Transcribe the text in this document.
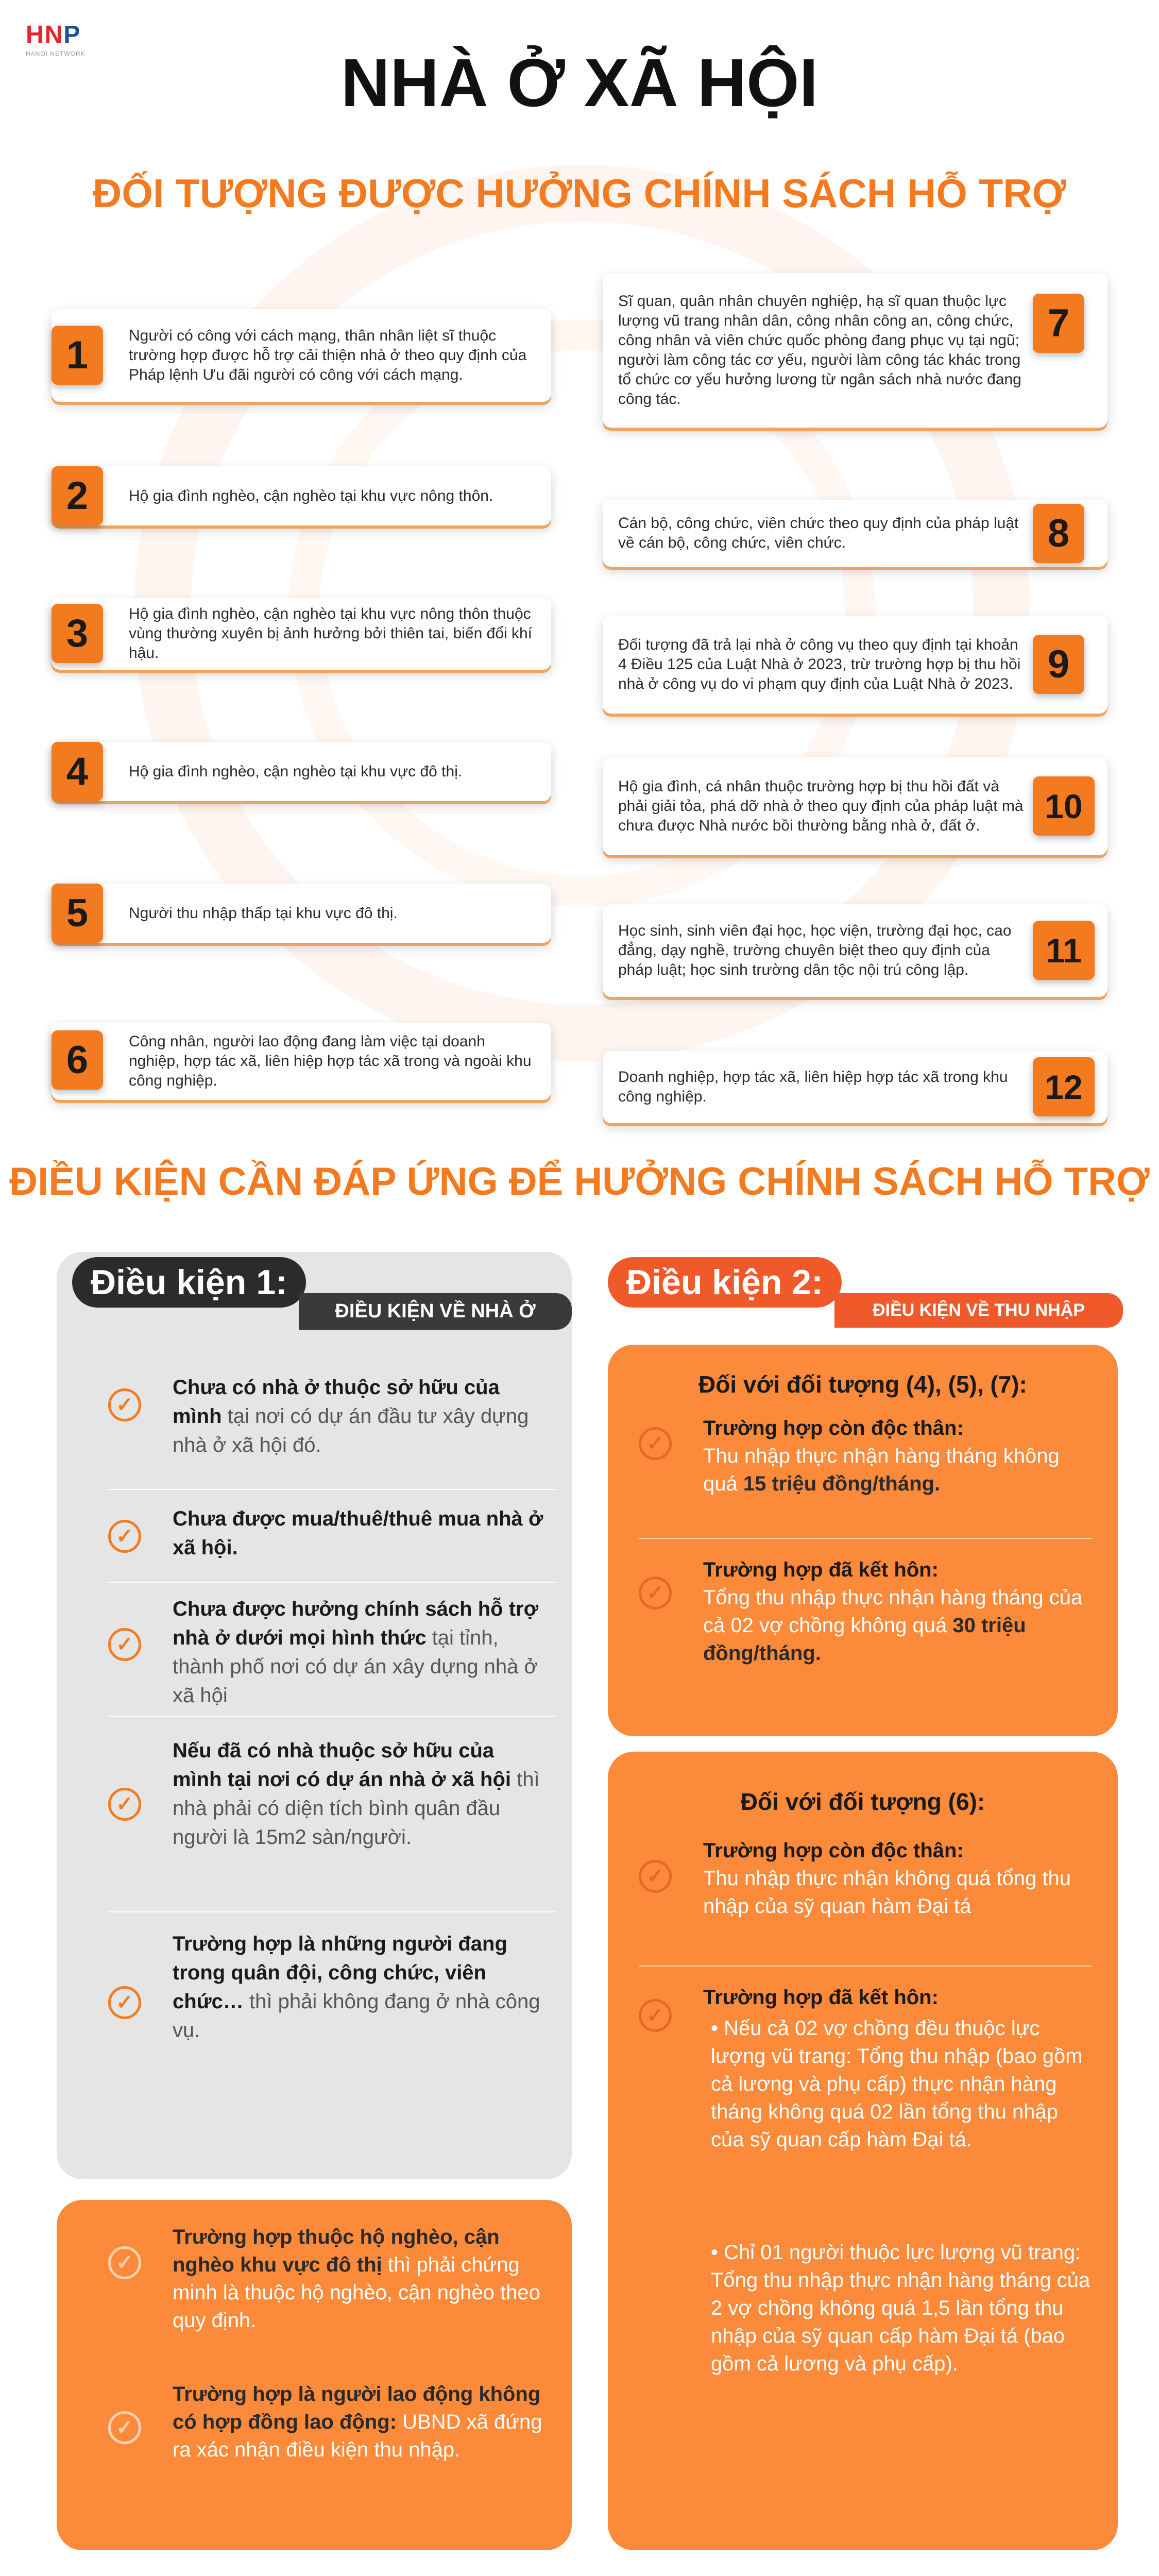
HNP
HANOI NETWORK	NHÀ Ở XÃ HỘI
ĐỐI TƯỢNG ĐƯỢC HƯỞNG CHÍNH SÁCH HỖ TRỢ
Người có công với cách mạng, thân nhân liệt sĩ thuộc trường hợp được hỗ trợ cải thiện nhà ở theo quy định của Pháp lệnh Ưu đãi người có công với cách mạng.
1
Hộ gia đình nghèo, cận nghèo tại khu vực nông thôn.
2
Hộ gia đình nghèo, cận nghèo tại khu vực nông thôn thuộc vùng thường xuyên bị ảnh hưởng bởi thiên tai, biến đổi khí hậu.
3
Hộ gia đình nghèo, cận nghèo tại khu vực đô thị.
4
Người thu nhập thấp tại khu vực đô thị.
5
Công nhân, người lao động đang làm việc tại doanh nghiệp, hợp tác xã, liên hiệp hợp tác xã trong và ngoài khu công nghiệp.
6
Sĩ quan, quân nhân chuyên nghiệp, hạ sĩ quan thuộc lực lượng vũ trang nhân dân, công nhân công an, công chức, công nhân và viên chức quốc phòng đang phục vụ tại ngũ; người làm công tác cơ yếu, người làm công tác khác trong tổ chức cơ yếu hưởng lương từ ngân sách nhà nước đang công tác.
7
Cán bộ, công chức, viên chức theo quy định của pháp luật về cán bộ, công chức, viên chức.	8
Đối tượng đã trả lại nhà ở công vụ theo quy định tại khoản 4 Điều 125 của Luật Nhà ở 2023, trừ trường hợp bị thu hồi nhà ở công vụ do vi phạm quy định của Luật Nhà ở 2023. 9
Hộ gia đình, cá nhân thuộc trường hợp bị thu hồi đất và phải giải tỏa, phá dỡ nhà ở theo quy định của pháp luật mà chưa được Nhà nước bồi thường bằng nhà ở, đất ở.
10
Học sinh, sinh viên đại học, học viện, trường đại học, cao đẳng, dạy nghề, trường chuyên biệt theo quy định của pháp luật; học sinh trường dân tộc nội trú công lập.
11
Doanh nghiệp, hợp tác xã, liên hiệp hợp tác xã trong khu công nghiệp.	12
ĐIỀU KIỆN CẦN ĐÁP ỨNG ĐỂ HƯỞNG CHÍNH SÁCH HỖ TRỢ
Điều kiện 1:
ĐIỀU KIỆN VỀ NHÀ Ở
✓
Chưa có nhà ở thuộc sở hữu của mình tại nơi có dự án đầu tư xây dựng nhà ở xã hội đó.
✓
Chưa được mua/thuê/thuê mua nhà ở xã hội.
✓
Chưa được hưởng chính sách hỗ trợ nhà ở dưới mọi hình thức tại tỉnh, thành phố nơi có dự án xây dựng nhà ở xã hội
✓
Nếu đã có nhà thuộc sở hữu của mình tại nơi có dự án nhà ở xã hội thì nhà phải có diện tích bình quân đầu người là 15m2 sàn/người.
✓
Trường hợp là những người đang trong quân đội, công chức, viên chức… thì phải không đang ở nhà công vụ.
✓
Trường hợp thuộc hộ nghèo, cận nghèo khu vực đô thị thì phải chứng minh là thuộc hộ nghèo, cận nghèo theo quy định.
✓
Trường hợp là người lao động không có hợp đồng lao động: UBND xã đứng ra xác nhận điều kiện thu nhập.
Điều kiện 2:
ĐIỀU KIỆN VỀ THU NHẬP
Đối với đối tượng (4), (5), (7):
✓
Trường hợp còn độc thân:
Thu nhập thực nhận hàng tháng không quá 15 triệu đồng/tháng.
✓
Trường hợp đã kết hôn:
Tổng thu nhập thực nhận hàng tháng của cả 02 vợ chồng không quá 30 triệu đồng/tháng.
Đối với đối tượng (6):
✓
Trường hợp còn độc thân:
Thu nhập thực nhận không quá tổng thu nhập của sỹ quan hàm Đại tá
✓
Trường hợp đã kết hôn:
• Nếu cả 02 vợ chồng đều thuộc lực lượng vũ trang: Tổng thu nhập (bao gồm cả lương và phụ cấp) thực nhận hàng tháng không quá 02 lần tổng thu nhập của sỹ quan cấp hàm Đại tá.
• Chỉ 01 người thuộc lực lượng vũ trang: Tổng thu nhập thực nhận hàng tháng của 2 vợ chồng không quá 1,5 lần tổng thu nhập của sỹ quan cấp hàm Đại tá (bao gồm cả lương và phụ cấp).
